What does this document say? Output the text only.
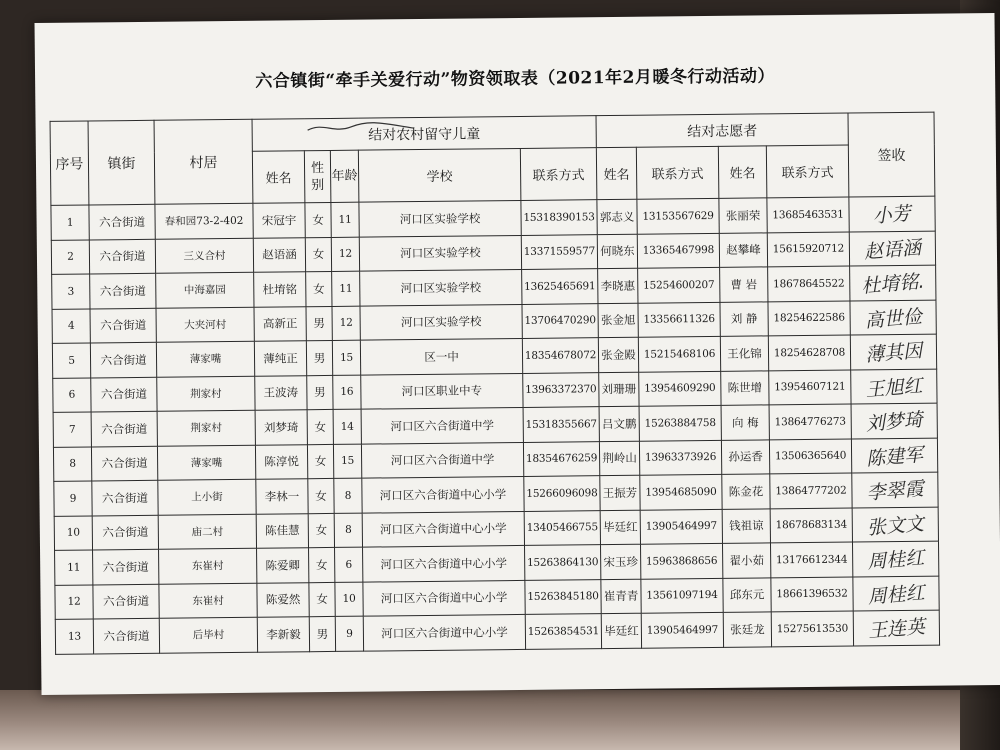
六合镇街“牵手关爱行动”物资领取表（2021年2月暖冬行动活动）
序号	镇街	村居	结对农村留守儿童					结对志愿者				签收
			姓名	性别	年龄	学校	联系方式	姓名	联系方式	姓名	联系方式	
1	六合街道	春和园73-2-402	宋冠宇	女	11	河口区实验学校	15318390153	郭志义	13153567629	张丽荣	13685463531	小芳
2	六合街道	三义合村	赵语涵	女	12	河口区实验学校	13371559577	何晓东	13365467998	赵攀峰	15615920712	赵语涵
3	六合街道	中海嘉园	杜堉铭	女	11	河口区实验学校	13625465691	李晓惠	15254600207	曹 岩	18678645522	杜堉铭.
4	六合街道	大夹河村	高新正	男	12	河口区实验学校	13706470290	张金旭	13356611326	刘 静	18254622586	高世俭
5	六合街道	薄家嘴	薄纯正	男	15	区一中	18354678072	张金殿	15215468106	王化锦	18254628708	薄其因
6	六合街道	荆家村	王波涛	男	16	河口区职业中专	13963372370	刘珊珊	13954609290	陈世增	13954607121	王旭红
7	六合街道	荆家村	刘梦琦	女	14	河口区六合街道中学	15318355667	吕文鹏	15263884758	向 梅	13864776273	刘梦琦
8	六合街道	薄家嘴	陈淳悦	女	15	河口区六合街道中学	18354676259	荆岭山	13963373926	孙运香	13506365640	陈建军
9	六合街道	上小街	李林一	女	8	河口区六合街道中心小学	15266096098	王振芳	13954685090	陈金花	13864777202	李翠霞
10	六合街道	庙二村	陈佳慧	女	8	河口区六合街道中心小学	13405466755	毕廷红	13905464997	钱祖谅	18678683134	张文文
11	六合街道	东崔村	陈爱卿	女	6	河口区六合街道中心小学	15263864130	宋玉珍	15963868656	翟小茹	13176612344	周桂红
12	六合街道	东崔村	陈爱然	女	10	河口区六合街道中心小学	15263845180	崔青青	13561097194	邱东元	18661396532	周桂红
13	六合街道	后毕村	李新毅	男	9	河口区六合街道中心小学	15263854531	毕廷红	13905464997	张廷龙	15275613530	王连英
